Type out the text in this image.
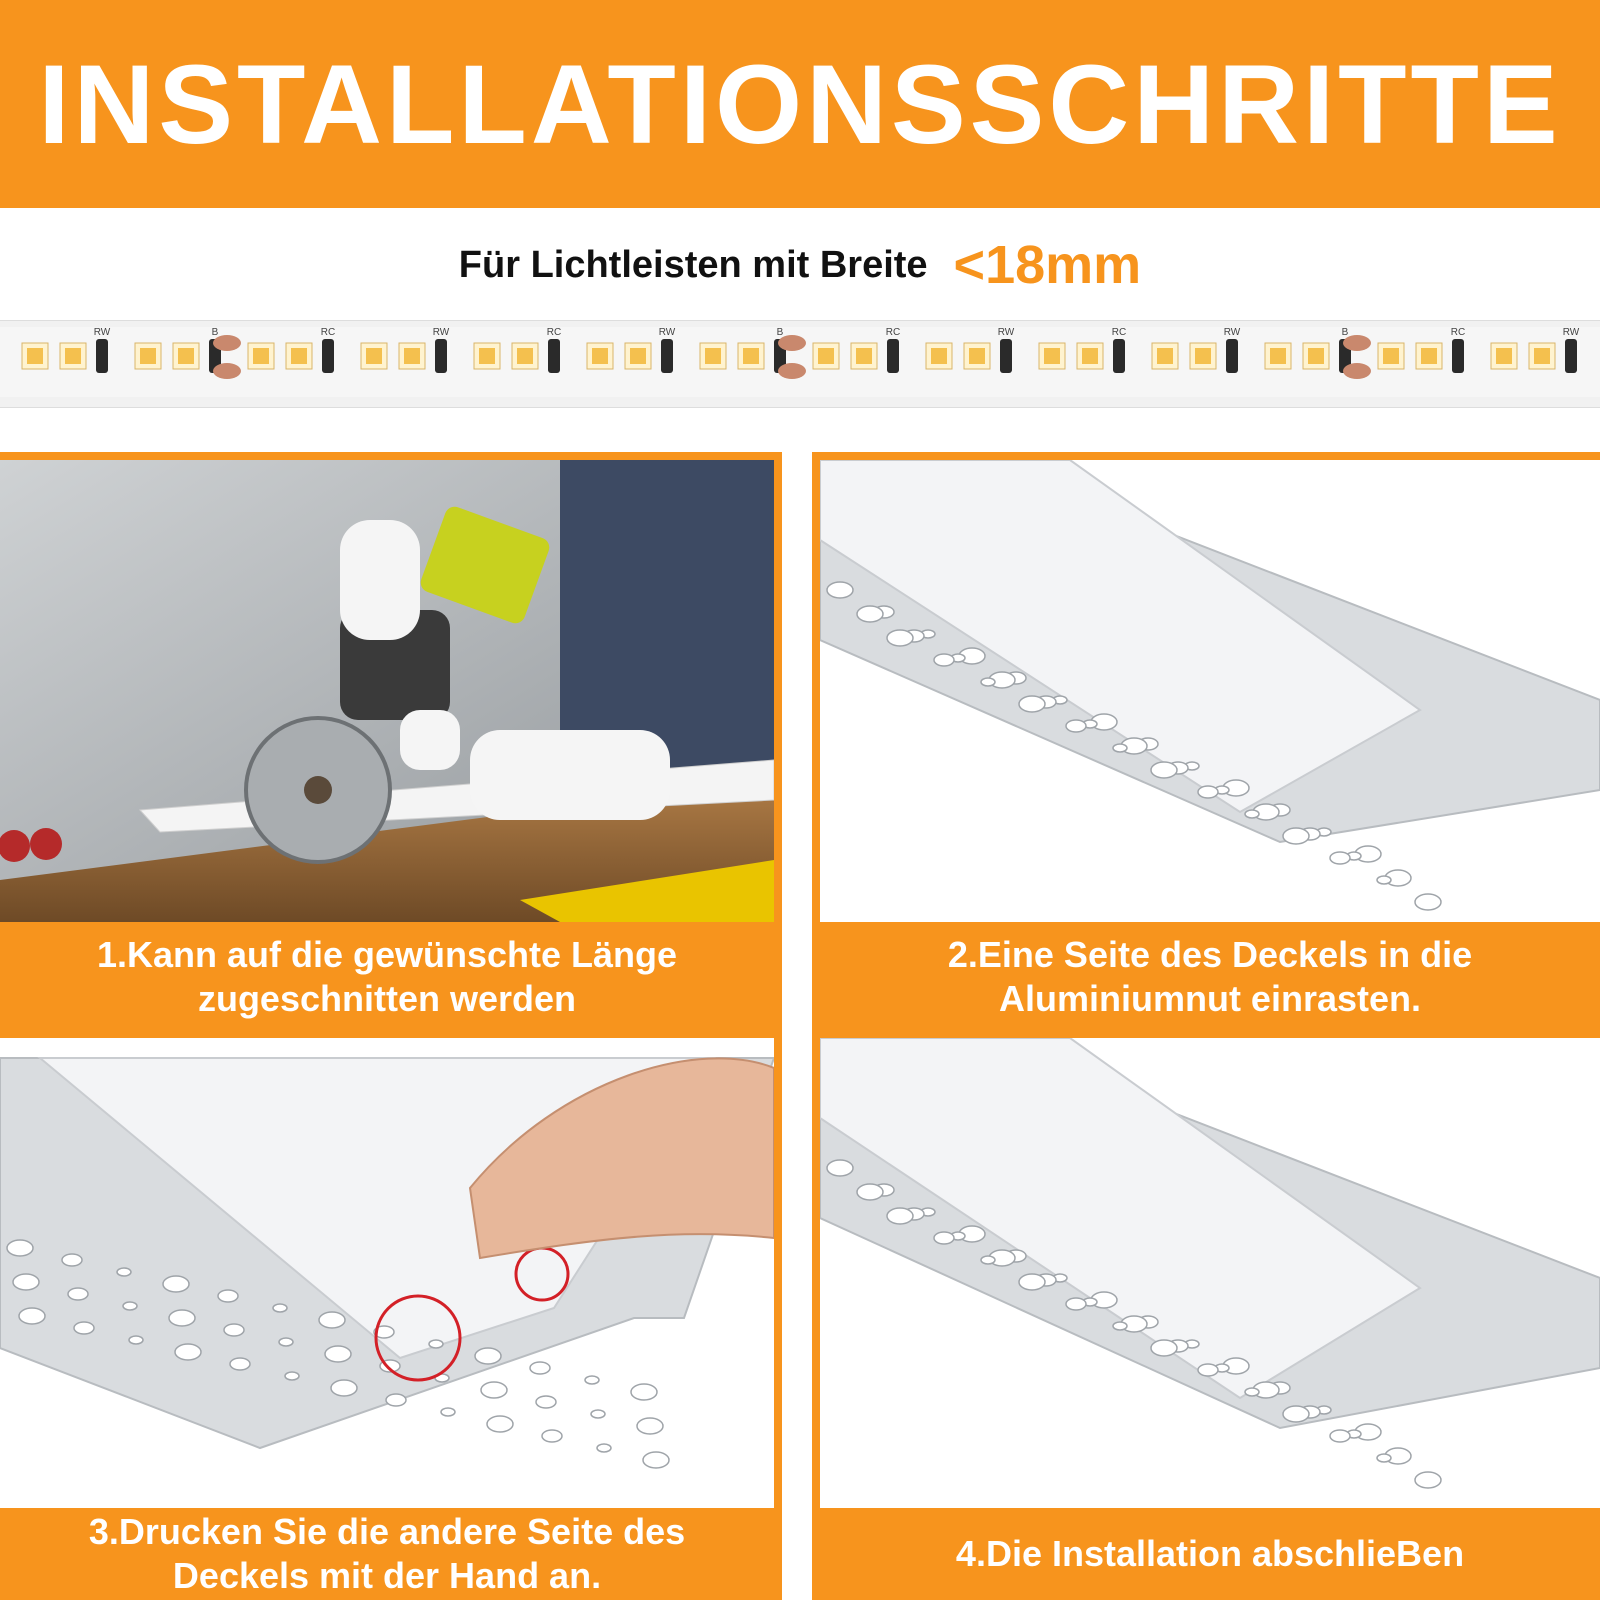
INSTALLATIONSSCHRITTE
Für Lichtleisten mit Breite <18mm
RW	B	RC	RW	RC	RW	B	RC	RW	RC	RW	B	RC	RW
1.Kann auf die gewünschte Länge
zugeschnitten werden
2.Eine Seite des Deckels in die
Aluminiumnut einrasten.
3.Drucken Sie die andere Seite des
Deckels mit der Hand an.
4.Die Installation abschlieBen
